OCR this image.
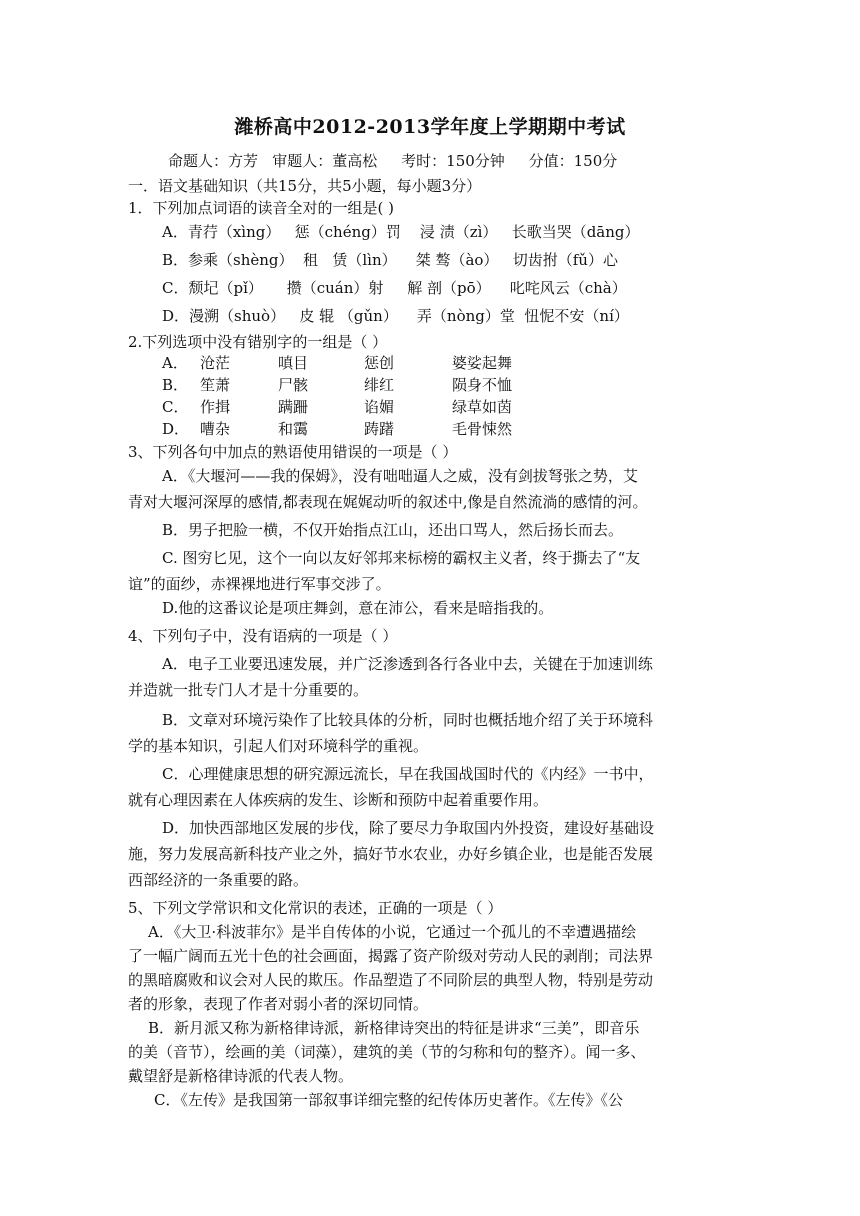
潍桥高中2012-2013学年度上学期期中考试
命题人：方芳   审题人：董高松     考时：150分钟     分值：150分
一．语文基础知识（共15分，共5小题，每小题3分）
1．下列加点词语的读音全对的一组是( )
A．青荇（xìng）   惩（chéng）罚    浸 渍（zì）   长歌当哭（dāng）
B．参乘（shèng）  租   赁（lìn）    桀 骜（ào）   切齿拊（fǔ）心
C．颓圮（pǐ）     攒（cuán）射     解 剖（pō）    叱咤风云（chà）
D．漫溯（shuò）   皮 辊 （gǔn）    弄（nòng）堂  忸怩不安（ní）
2.下列选项中没有错别字的一组是（ ）
A． 沧茫	嗔目	惩创	婆娑起舞
B． 笙萧	尸骸	绯红	陨身不恤
C． 作揖	蹒跚	谄媚	绿草如茵
D． 嘈杂	和霭	踌躇	毛骨悚然
3、下列各句中加点的熟语使用错误的一项是（ ）
A．《大堰河——我的保姆》，没有咄咄逼人之威，没有剑拔弩张之势，艾
青对大堰河深厚的感情,都表现在娓娓动听的叙述中,像是自然流淌的感情的河。
B．男子把脸一横，不仅开始指点江山，还出口骂人，然后扬长而去。
C. 图穷匕见，这个一向以友好邻邦来标榜的霸权主义者，终于撕去了“友
谊”的面纱，赤裸裸地进行军事交涉了。
D.他的这番议论是项庄舞剑，意在沛公，看来是暗指我的。
4、下列句子中，没有语病的一项是（ ）
A．电子工业要迅速发展，并广泛渗透到各行各业中去，关键在于加速训练
并造就一批专门人才是十分重要的。
B．文章对环境污染作了比较具体的分析，同时也概括地介绍了关于环境科
学的基本知识，引起人们对环境科学的重视。
C．心理健康思想的研究源远流长，早在我国战国时代的《内经》一书中，
就有心理因素在人体疾病的发生、诊断和预防中起着重要作用。
D．加快西部地区发展的步伐，除了要尽力争取国内外投资，建设好基础设
施，努力发展高新科技产业之外，搞好节水农业，办好乡镇企业，也是能否发展
西部经济的一条重要的路。
5、下列文学常识和文化常识的表述，正确的一项是（ ）
A．《大卫·科波菲尔》是半自传体的小说，它通过一个孤儿的不幸遭遇描绘
了一幅广阔而五光十色的社会画面，揭露了资产阶级对劳动人民的剥削；司法界
的黑暗腐败和议会对人民的欺压。作品塑造了不同阶层的典型人物，特别是劳动
者的形象，表现了作者对弱小者的深切同情。
B．新月派又称为新格律诗派，新格律诗突出的特征是讲求“三美”，即音乐
的美（音节），绘画的美（词藻），建筑的美（节的匀称和句的整齐）。闻一多、
戴望舒是新格律诗派的代表人物。
C．《左传》是我国第一部叙事详细完整的纪传体历史著作。《左传》《公
